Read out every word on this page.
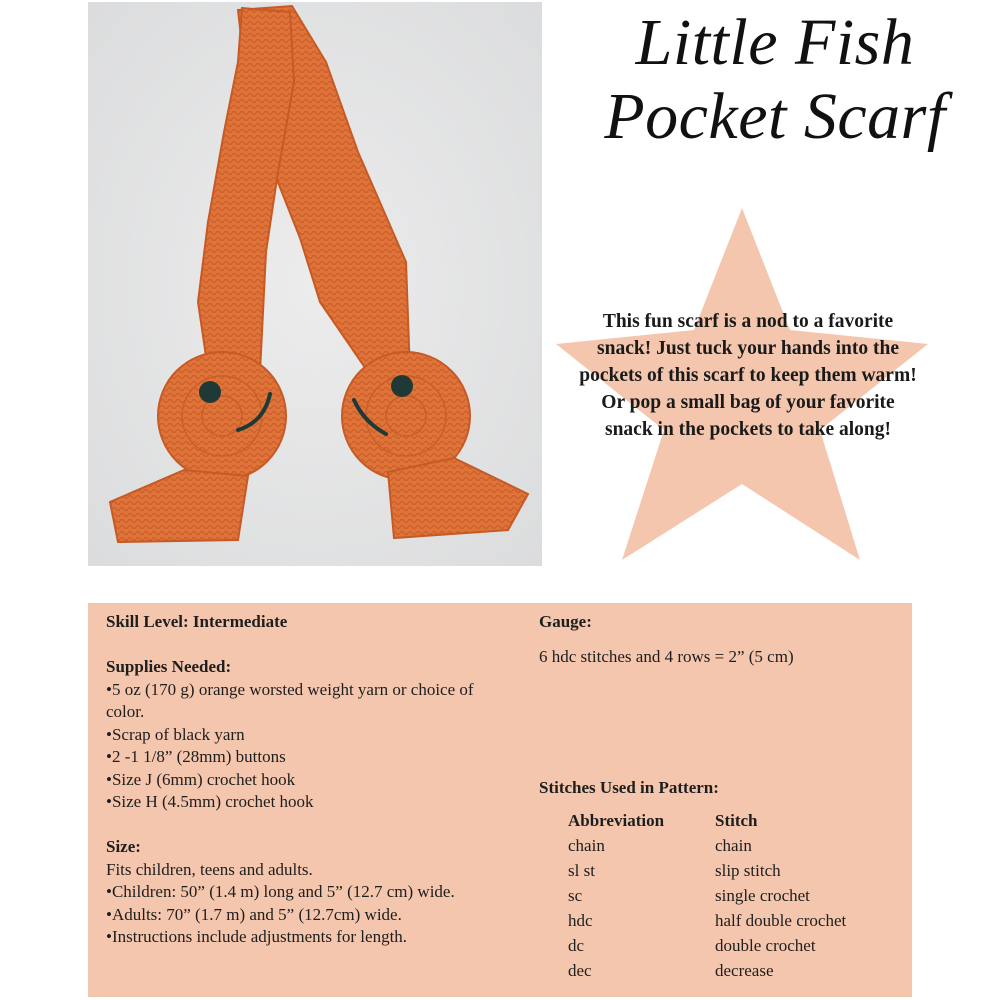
Little Fish
Pocket Scarf
This fun scarf is a nod to a favorite snack! Just tuck your hands into the pockets of this scarf to keep them warm! Or pop a small bag of your favorite snack in the pockets to take along!
Skill Level: Intermediate
Supplies Needed:
•5 oz (170 g) orange worsted weight yarn or choice of color.
•Scrap of black yarn
•2 -1 1/8” (28mm) buttons
•Size J (6mm) crochet hook
•Size H (4.5mm) crochet hook
Size:
Fits children, teens and adults.
•Children: 50” (1.4 m) long and 5” (12.7 cm) wide.
•Adults: 70” (1.7 m) and 5” (12.7cm) wide.
•Instructions include adjustments for length.
Gauge:
6 hdc stitches and 4 rows = 2” (5 cm)
Stitches Used in Pattern:
Abbreviation	Stitch
chain	chain
sl st	slip stitch
sc	single crochet
hdc	half double crochet
dc	double crochet
dec	decrease
